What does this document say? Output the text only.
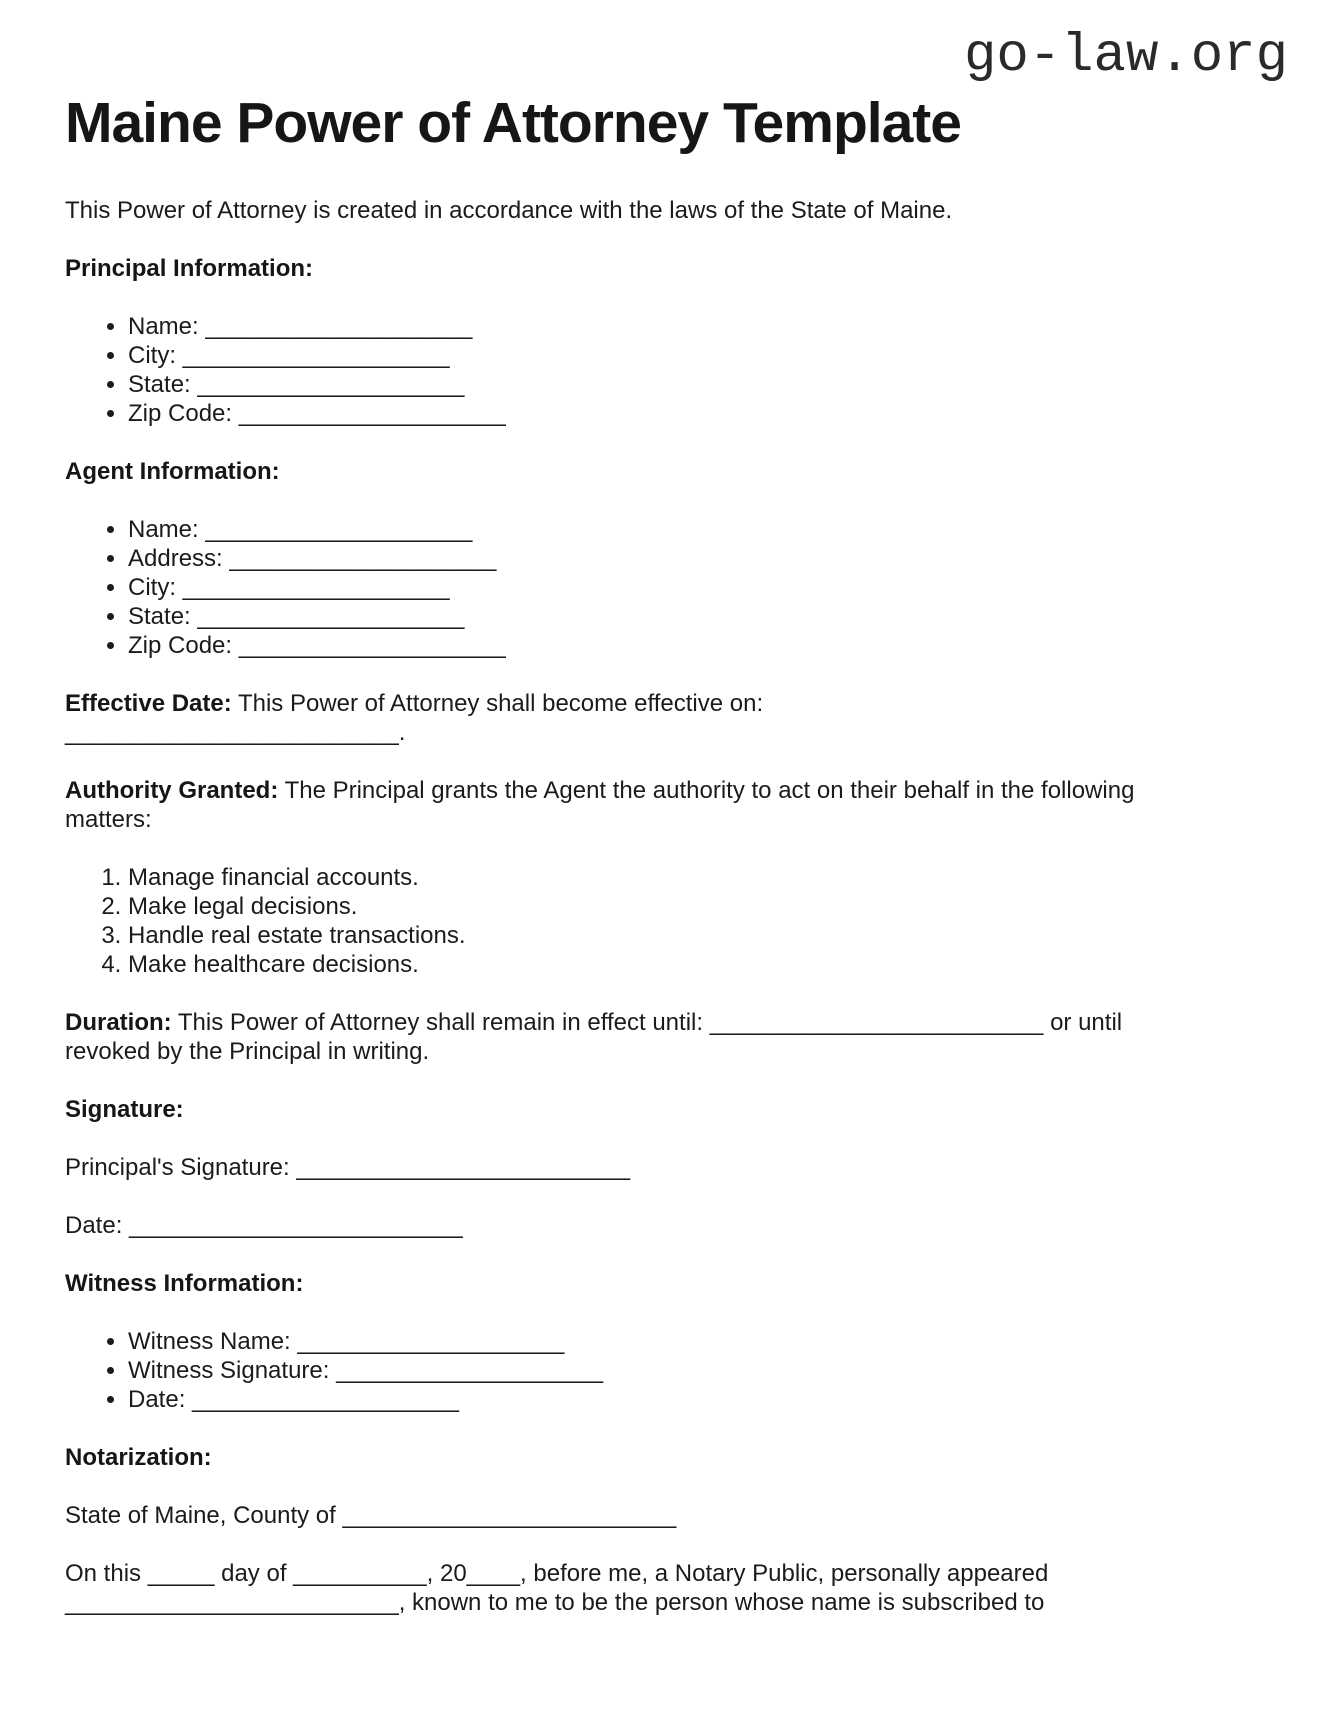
go-law.org
Maine Power of Attorney Template

This Power of Attorney is created in accordance with the laws of the State of Maine.

Principal Information:
• Name: ____________________
• City: ____________________
• State: ____________________
• Zip Code: ____________________
Agent Information:
• Name: ____________________
• Address: ____________________
• City: ____________________
• State: ____________________
• Zip Code: ____________________

Effective Date: This Power of Attorney shall become effective on:
_________________________.

Authority Granted: The Principal grants the Agent the authority to act on their behalf in the following matters:

1. Manage financial accounts.
2. Make legal decisions.
3. Handle real estate transactions.
4. Make healthcare decisions.

Duration: This Power of Attorney shall remain in effect until: _________________________ or until revoked by the Principal in writing.

Signature:

Principal's Signature: _________________________

Date: _________________________

Witness Information:
• Witness Name: ____________________
• Witness Signature: ____________________
• Date: ____________________
Notarization:

State of Maine, County of _________________________

On this _____ day of __________, 20____, before me, a Notary Public, personally appeared
_________________________, known to me to be the person whose name is subscribed to
